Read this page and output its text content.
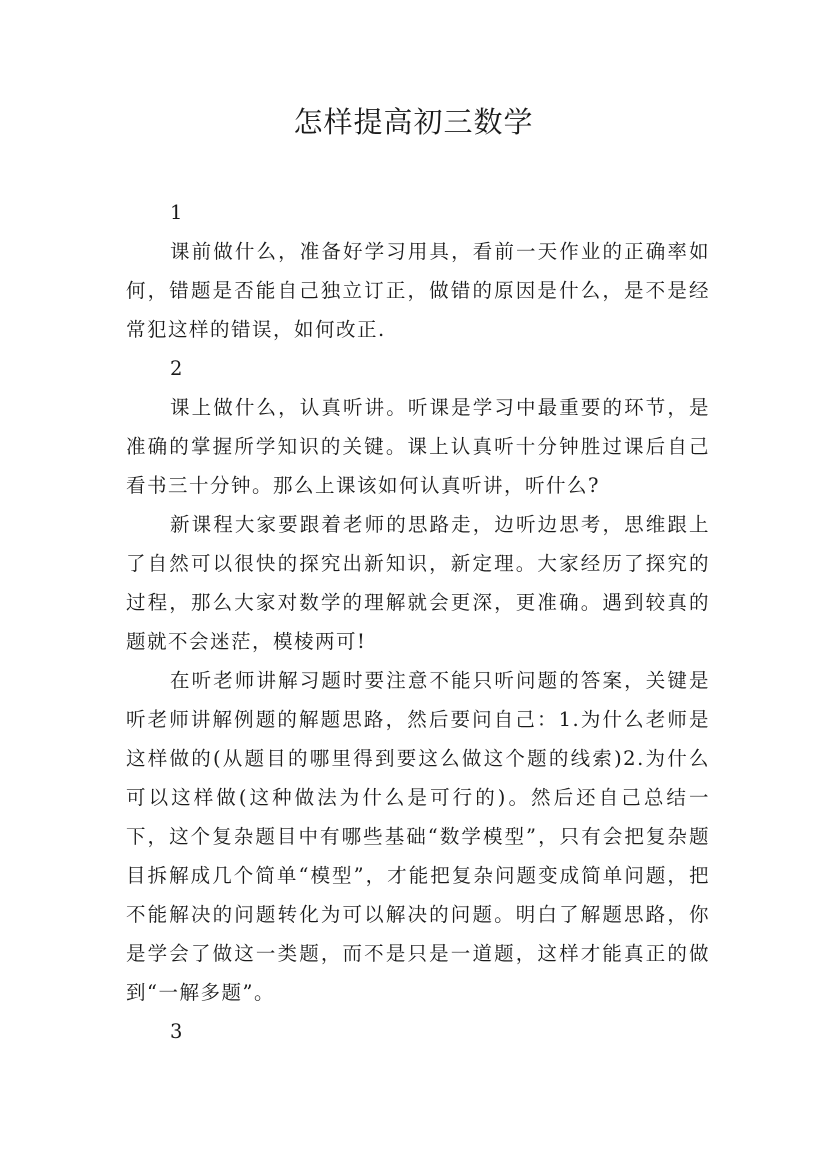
怎样提高初三数学

1

课前做什么，准备好学习用具，看前一天作业的正确率如何，错题是否能自己独立订正，做错的原因是什么，是不是经常犯这样的错误，如何改正.

2

课上做什么，认真听讲。听课是学习中最重要的环节，是准确的掌握所学知识的关键。课上认真听十分钟胜过课后自己看书三十分钟。那么上课该如何认真听讲，听什么?

新课程大家要跟着老师的思路走，边听边思考，思维跟上了自然可以很快的探究出新知识，新定理。大家经历了探究的过程，那么大家对数学的理解就会更深，更准确。遇到较真的题就不会迷茫，模棱两可!

在听老师讲解习题时要注意不能只听问题的答案，关键是听老师讲解例题的解题思路，然后要问自己：1.为什么老师是这样做的(从题目的哪里得到要这么做这个题的线索)2.为什么可以这样做(这种做法为什么是可行的)。然后还自己总结一下，这个复杂题目中有哪些基础“数学模型”，只有会把复杂题目拆解成几个简单“模型”，才能把复杂问题变成简单问题，把不能解决的问题转化为可以解决的问题。明白了解题思路，你是学会了做这一类题，而不是只是一道题，这样才能真正的做到“一解多题”。

3
